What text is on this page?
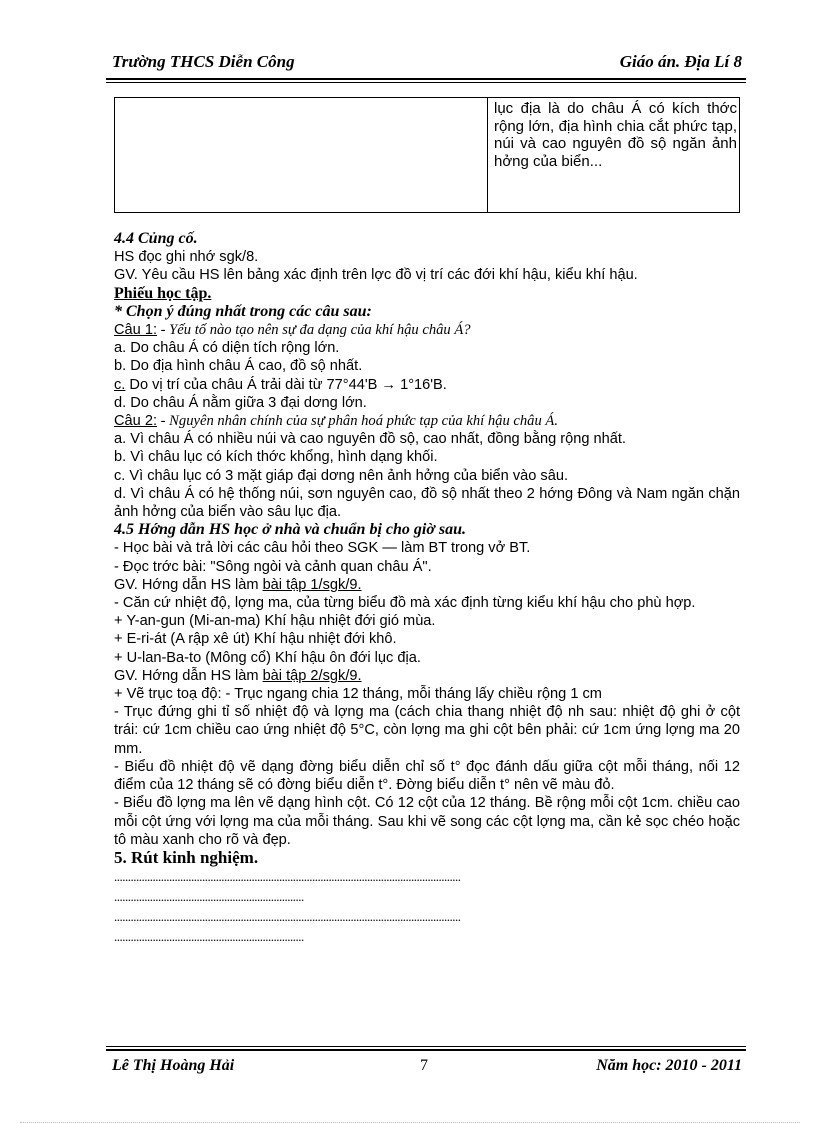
Trường THCS Diễn Công	Giáo án. Địa Lí 8
lục địa là do châu Á có kích thớc rộng lớn, địa hình chia cắt phức tạp, núi và cao nguyên đồ sộ ngăn ảnh hởng của biển...

4.4 Củng cố.

HS đọc ghi nhớ sgk/8.

GV. Yêu cầu HS lên bảng xác định trên lợc đồ vị trí các đới khí hậu, kiểu khí hậu.

Phiếu học tập.

* Chọn ý đúng nhất trong các câu sau:

Câu 1: - Yếu tố nào tạo nên sự đa dạng của khí hậu châu Á?

a. Do châu Á có diện tích rộng lớn.

b. Do địa hình châu Á cao, đồ sộ nhất.

c. Do vị trí của châu Á trải dài từ 77°44'B → 1°16'B.

d. Do châu Á nằm giữa 3 đại dơng lớn.

Câu 2: - Nguyên nhân chính của sự phân hoá phức tạp của khí hậu châu Á.

a. Vì châu Á có nhiều núi và cao nguyên đồ sộ, cao nhất, đồng bằng rộng nhất.

b. Vì châu lục có kích thớc khổng, hình dạng khối.

c. Vì châu lục có 3 mặt giáp đại dơng nên ảnh hởng của biển vào sâu.

d. Vì châu Á có hệ thống núi, sơn nguyên cao, đồ sộ nhất theo 2 hớng Đông và Nam ngăn chặn ảnh hởng của biển vào sâu lục địa.

4.5 Hớng dẫn HS học ở nhà và chuẩn bị cho giờ sau.

- Học bài và trả lời các câu hỏi theo SGK — làm BT trong vở BT.

- Đọc trớc bài: "Sông ngòi và cảnh quan châu Á".

GV. Hớng dẫn HS làm bài tập 1/sgk/9.

- Căn cứ nhiệt độ, lợng ma, của từng biểu đồ mà xác định từng kiểu khí hậu cho phù hợp.

+ Y-an-gun (Mi-an-ma) Khí hậu nhiệt đới gió mùa.

+ E-ri-át (A rập xê út) Khí hậu nhiệt đới khô.

+ U-lan-Ba-to (Mông cổ) Khí hậu ôn đới lục địa.

GV. Hớng dẫn HS làm bài tập 2/sgk/9.

+ Vẽ trục toạ độ: - Trục ngang chia 12 tháng, mỗi tháng lấy chiều rộng 1 cm

- Trục đứng ghi tỉ số nhiệt độ và lợng ma (cách chia thang nhiệt độ nh sau: nhiệt độ ghi ở cột trái: cứ 1cm chiều cao ứng nhiệt độ 5°C, còn lợng ma ghi cột bên phải: cứ 1cm ứng lợng ma 20 mm.

- Biểu đồ nhiệt độ vẽ dạng đờng biểu diễn chỉ số t° đọc đánh dấu giữa cột mỗi tháng, nối 12 điểm của 12 tháng sẽ có đờng biểu diễn t°. Đờng biểu diễn t° nên vẽ màu đỏ.

- Biểu đồ lợng ma lên vẽ dạng hình cột. Có 12 cột của 12 tháng. Bề rộng mỗi cột 1cm. chiều cao mỗi cột ứng với lợng ma của mỗi tháng. Sau khi vẽ song các cột lợng ma, cần kẻ sọc chéo hoặc tô màu xanh cho rõ và đẹp.

5. Rút kinh nghiệm.

..............................................................................................................................

.....................................................................

..............................................................................................................................

.....................................................................

Lê Thị Hoàng Hải	7	Năm học: 2010 - 2011
